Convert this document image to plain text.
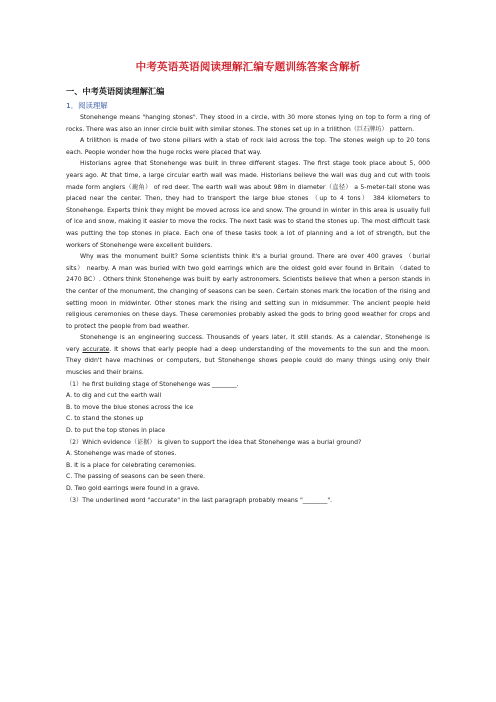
中考英语英语阅读理解汇编专题训练答案含解析
一、中考英语阅读理解汇编
1．阅读理解

Stonehenge means "hanging stones". They stood in a circle, with 30 more stones lying on top to form a ring of rocks. There was also an inner circle built with similar stones. The stones set up in a trilithon（巨石牌坊） pattern.

A trilithon is made of two stone pillars with a stab of rock laid across the top. The stones weigh up to 20 tons each. People wonder how the huge rocks were placed that way.

Historians agree that Stonehenge was built in three different stages. The first stage took place about 5, 000 years ago. At that time, a large circular earth wall was made. Historians believe the wall was dug and cut with tools made form anglers（鹿角） of red deer. The earth wall was about 98m in diameter（直径） a 5-meter-tall stone was placed near the center. Then, they had to transport the large blue stones （up to 4 tons） 384 kilometers to Stonehenge. Experts think they might be moved across ice and snow. The ground in winter in this area is usually full of ice and snow, making it easier to move the rocks. The next task was to stand the stones up. The most difficult task was putting the top stones in place. Each one of these tasks took a lot of planning and a lot of strength, but the workers of Stonehenge were excellent builders.

Why was the monument built? Some scientists think it's a burial ground. There are over 400 graves （burial sits） nearby. A man was buried with two gold earrings which are the oldest gold ever found in Britain （dated to 2470 BC）. Others think Stonehenge was built by early astronomers. Scientists believe that when a person stands in the center of the monument, the changing of seasons can be seen. Certain stones mark the location of the rising and setting moon in midwinter. Other stones mark the rising and setting sun in midsummer. The ancient people held religious ceremonies on these days. These ceremonies probably asked the gods to bring good weather for crops and to protect the people from bad weather.

Stonehenge is an engineering success. Thousands of years later, it still stands. As a calendar, Stonehenge is very accurate. It shows that early people had a deep understanding of the movements to the sun and the moon. They didn't have machines or computers, but Stonehenge shows people could do many things using only their muscles and their brains.

（1）he first building stage of Stonehenge was ________.

A. to dig and cut the earth wall

B. to move the blue stones across the ice

C. to stand the stones up

D. to put the top stones in place

（2）Which evidence（证据） is given to support the idea that Stonehenge was a burial ground?

A. Stonehenge was made of stones.

B. It is a place for celebrating ceremonies.

C. The passing of seasons can be seen there.

D. Two gold earrings were found in a grave.

（3）The underlined word "accurate" in the last paragraph probably means "________".
